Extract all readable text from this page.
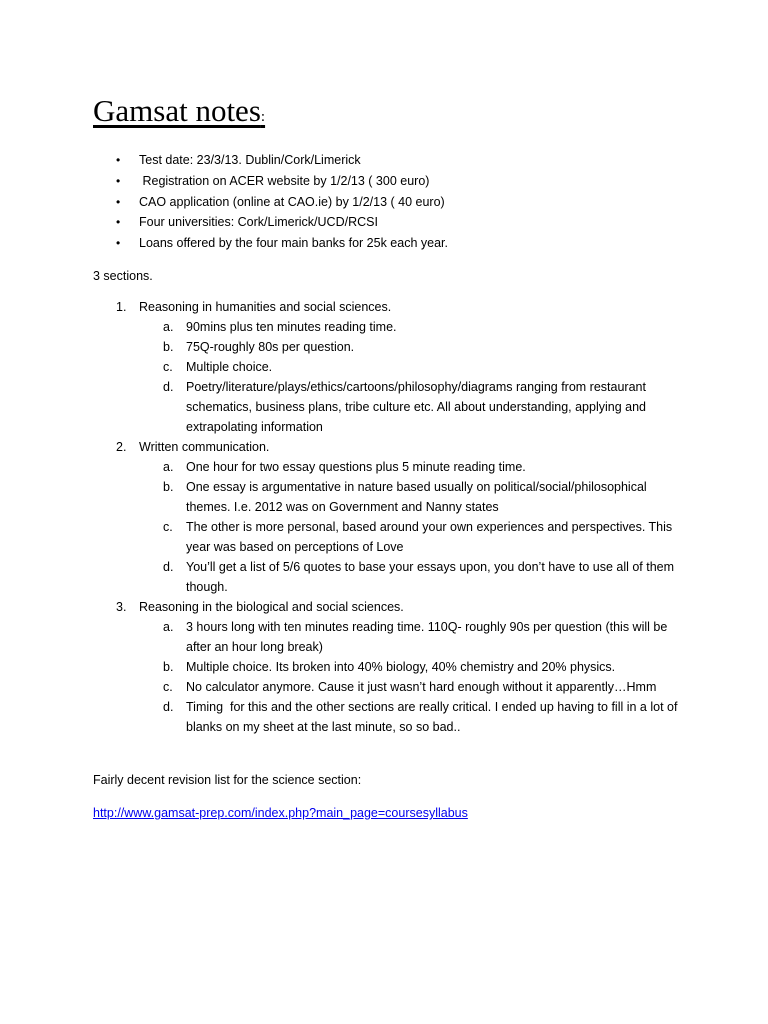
Gamsat notes:
• Test date: 23/3/13. Dublin/Cork/Limerick
• Registration on ACER website by 1/2/13 ( 300 euro)
• CAO application (online at CAO.ie) by 1/2/13 ( 40 euro)
• Four universities: Cork/Limerick/UCD/RCSI
• Loans offered by the four main banks for 25k each year.
3 sections.
1. Reasoning in humanities and social sciences.
a. 90mins plus ten minutes reading time.
b. 75Q-roughly 80s per question.
c. Multiple choice.
d. Poetry/literature/plays/ethics/cartoons/philosophy/diagrams ranging from restaurant schematics, business plans, tribe culture etc. All about understanding, applying and extrapolating information
2. Written communication.
a. One hour for two essay questions plus 5 minute reading time.
b. One essay is argumentative in nature based usually on political/social/philosophical themes. I.e. 2012 was on Government and Nanny states
c. The other is more personal, based around your own experiences and perspectives. This year was based on perceptions of Love
d. You’ll get a list of 5/6 quotes to base your essays upon, you don’t have to use all of them though.
3. Reasoning in the biological and social sciences.
a. 3 hours long with ten minutes reading time. 110Q- roughly 90s per question (this will be after an hour long break)
b. Multiple choice. Its broken into 40% biology, 40% chemistry and 20% physics.
c. No calculator anymore. Cause it just wasn’t hard enough without it apparently…Hmm
d. Timing  for this and the other sections are really critical. I ended up having to fill in a lot of blanks on my sheet at the last minute, so so bad..
Fairly decent revision list for the science section:
http://www.gamsat-prep.com/index.php?main_page=coursesyllabus
